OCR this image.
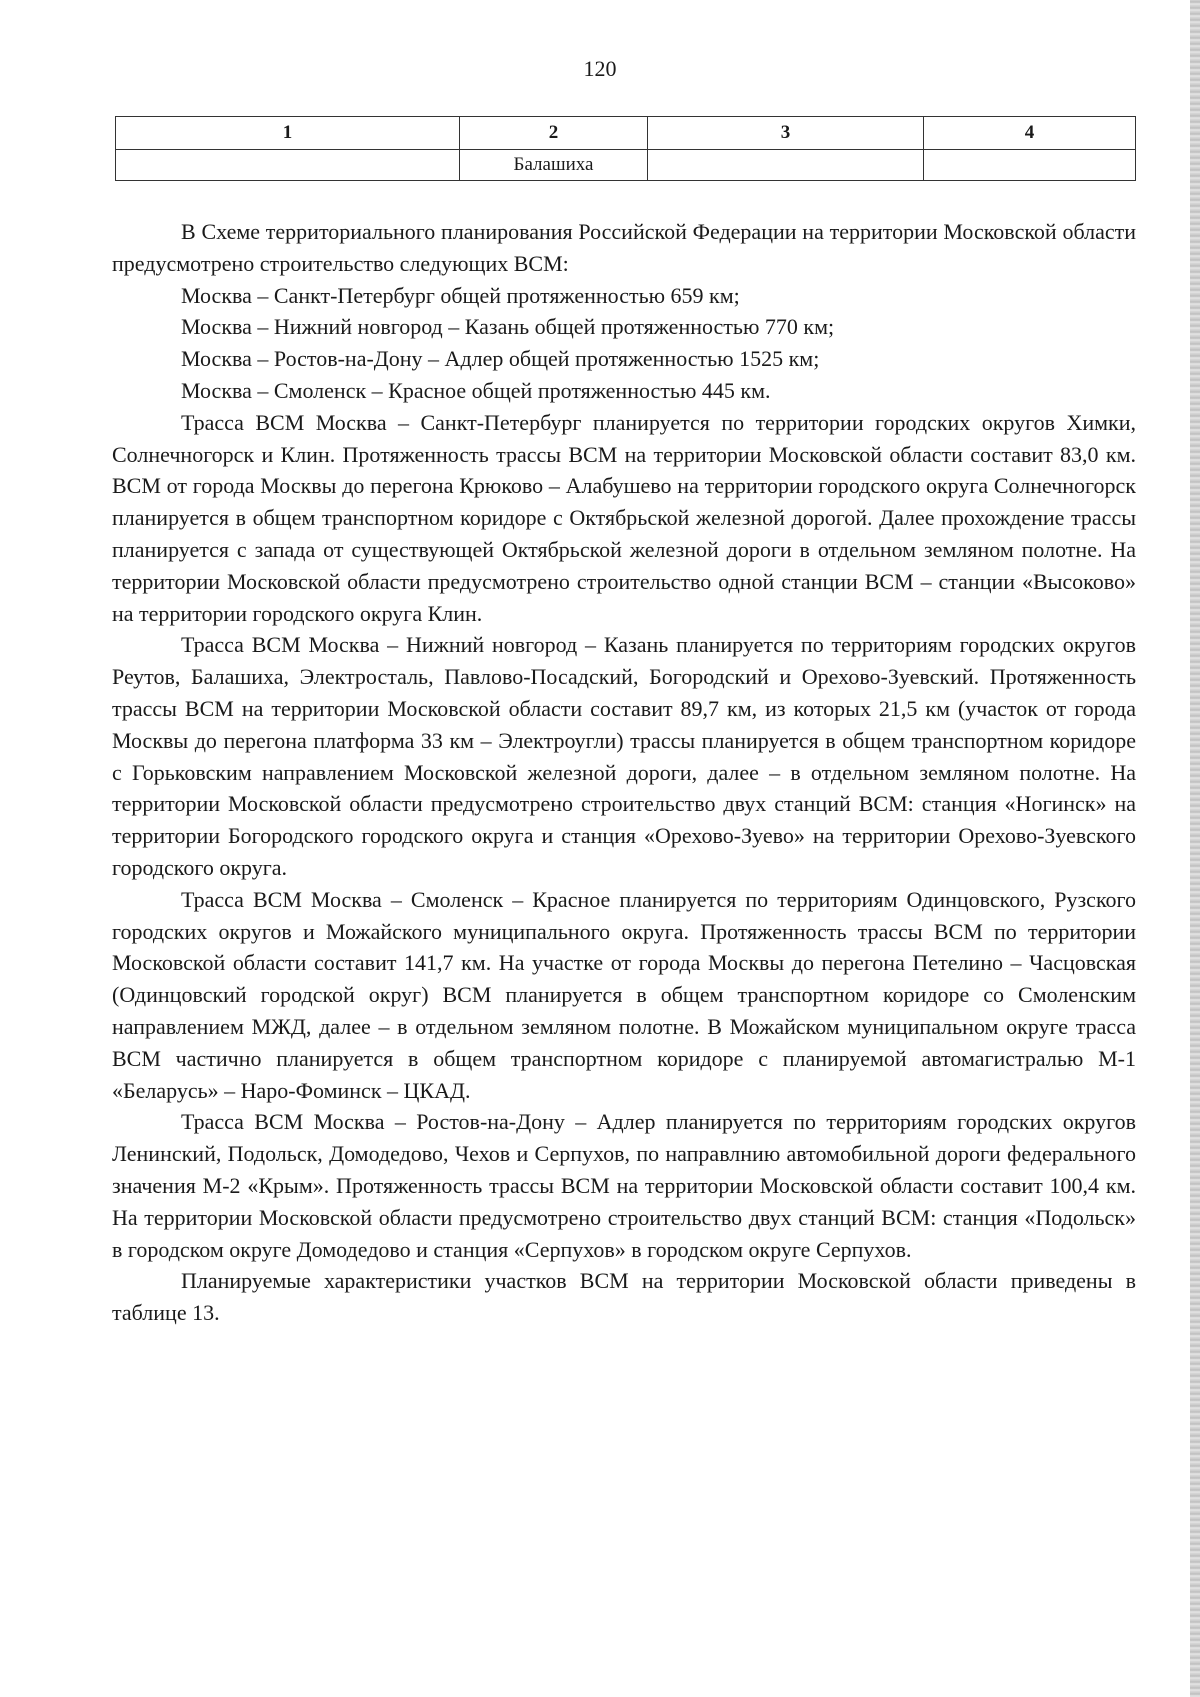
120
1	2	3	4
	Балашиха		

В Схеме территориального планирования Российской Федерации на территории Московской области предусмотрено строительство следующих ВСМ:

Москва – Санкт-Петербург общей протяженностью 659 км;

Москва – Нижний новгород – Казань общей протяженностью 770 км;

Москва – Ростов-на-Дону – Адлер общей протяженностью 1525 км;

Москва – Смоленск – Красное общей протяженностью 445 км.

Трасса ВСМ Москва – Санкт-Петербург планируется по территории городских округов Химки, Солнечногорск и Клин. Протяженность трассы ВСМ на территории Московской области составит 83,0 км. ВСМ от города Москвы до перегона Крюково – Алабушево на территории городского округа Солнечногорск планируется в общем транспортном коридоре с Октябрьской железной дорогой. Далее прохождение трассы планируется с запада от существующей Октябрьской железной дороги в отдельном земляном полотне. На территории Московской области предусмотрено строительство одной станции ВСМ – станции «Высоково» на территории городского округа Клин.

Трасса ВСМ Москва – Нижний новгород – Казань планируется по территориям городских округов Реутов, Балашиха, Электросталь, Павлово-Посадский, Богородский и Орехово-Зуевский. Протяженность трассы ВСМ на территории Московской области составит 89,7 км, из которых 21,5 км (участок от города Москвы до перегона платформа 33 км – Электроугли) трассы планируется в общем транспортном коридоре с Горьковским направлением Московской железной дороги, далее – в отдельном земляном полотне. На территории Московской области предусмотрено строительство двух станций ВСМ: станция «Ногинск» на территории Богородского городского округа и станция «Орехово-Зуево» на территории Орехово-Зуевского городского округа.

Трасса ВСМ Москва – Смоленск – Красное планируется по территориям Одинцовского, Рузского городских округов и Можайского муниципального округа. Протяженность трассы ВСМ по территории Московской области составит 141,7 км. На участке от города Москвы до перегона Петелино – Часцовская (Одинцовский городской округ) ВСМ планируется в общем транспортном коридоре со Смоленским направлением МЖД, далее – в отдельном земляном полотне. В Можайском муниципальном округе трасса ВСМ частично планируется в общем транспортном коридоре с планируемой автомагистралью М-1 «Беларусь» – Наро-Фоминск – ЦКАД.

Трасса ВСМ Москва – Ростов-на-Дону – Адлер планируется по территориям городских округов Ленинский, Подольск, Домодедово, Чехов и Серпухов, по направлнию автомобильной дороги федерального значения М-2 «Крым». Протяженность трассы ВСМ на территории Московской области составит 100,4 км. На территории Московской области предусмотрено строительство двух станций ВСМ: станция «Подольск» в городском округе Домодедово и станция «Серпухов» в городском округе Серпухов.

Планируемые характеристики участков ВСМ на территории Московской области приведены в таблице 13.
